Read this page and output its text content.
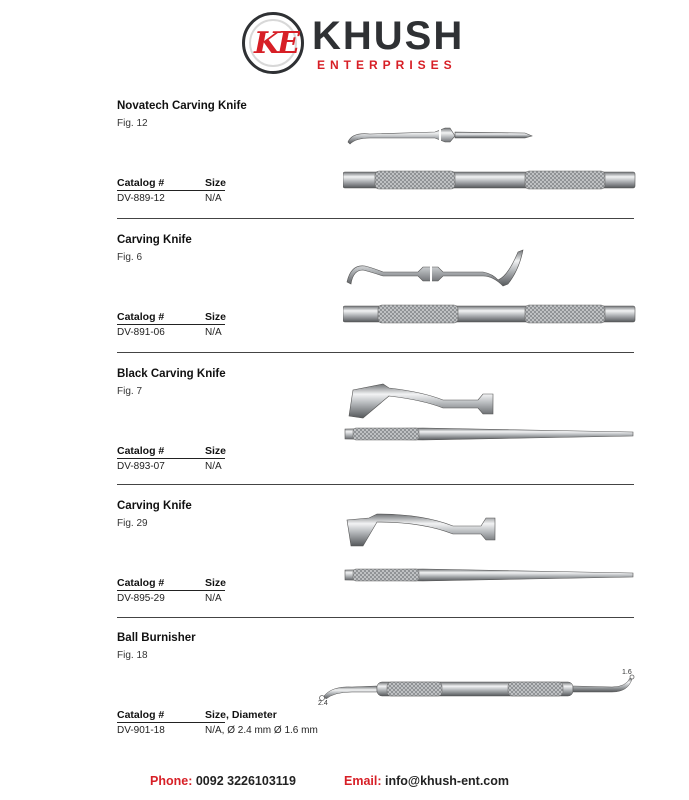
KE KHUSH
ENTERPRISES
Novatech Carving Knife
Fig. 12
Catalog #	Size
DV-889-12	N/A
Carving Knife
Fig. 6
Catalog #	Size
DV-891-06	N/A
Black Carving Knife
Fig. 7
Catalog #	Size
DV-893-07	N/A
Carving Knife
Fig. 29
Catalog #	Size
DV-895-29	N/A
Ball Burnisher
Fig. 18
Catalog #	Size, Diameter
DV-901-18	N/A, Ø 2.4 mm Ø 1.6 mm
2.4
1.6
Phone: 0092 3226103119	Email: info@khush-ent.com
